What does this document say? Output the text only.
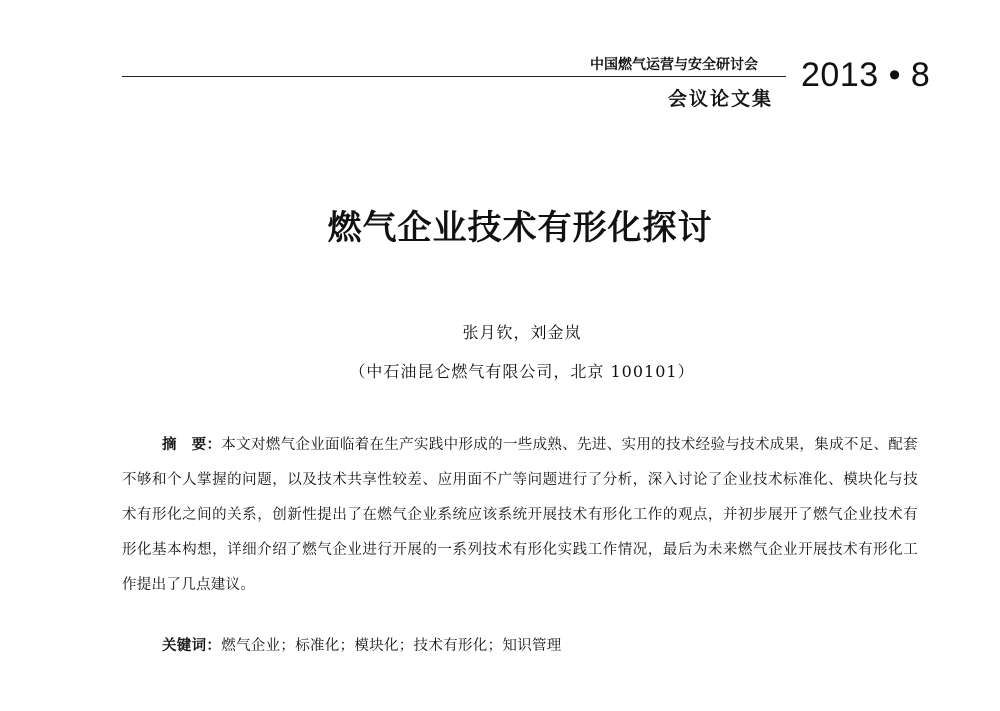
中国燃气运营与安全研讨会
会议论文集
2013 • 8
燃气企业技术有形化探讨
张月钦，刘金岚
（中石油昆仑燃气有限公司，北京 100101）
摘　要：本文对燃气企业面临着在生产实践中形成的一些成熟、先进、实用的技术经验与技术成果，集成不足、配套不够和个人掌握的问题，以及技术共享性较差、应用面不广等问题进行了分析，深入讨论了企业技术标准化、模块化与技术有形化之间的关系，创新性提出了在燃气企业系统应该系统开展技术有形化工作的观点，并初步展开了燃气企业技术有形化基本构想，详细介绍了燃气企业进行开展的一系列技术有形化实践工作情况，最后为未来燃气企业开展技术有形化工作提出了几点建议。
关键词：燃气企业；标准化；模块化；技术有形化；知识管理
